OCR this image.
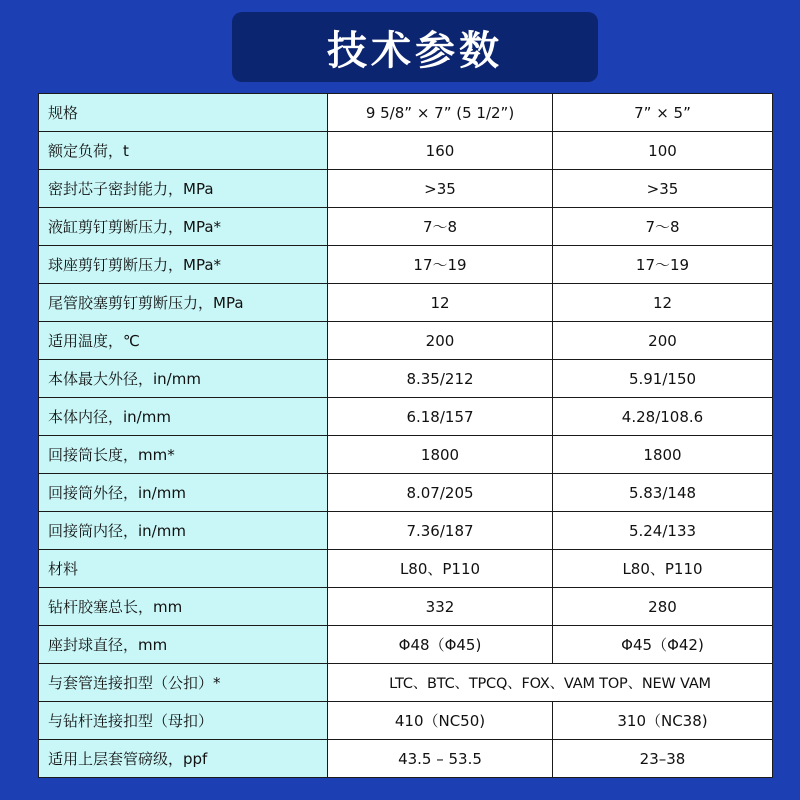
技术参数
规格	9 5/8” × 7” (5 1/2”)	7” × 5”
额定负荷，t	160	100
密封芯子密封能力，MPa	>35	>35
液缸剪钉剪断压力，MPa*	7～8	7～8
球座剪钉剪断压力，MPa*	17～19	17～19
尾管胶塞剪钉剪断压力，MPa	12	12
适用温度，℃	200	200
本体最大外径，in/mm	8.35/212	5.91/150
本体内径，in/mm	6.18/157	4.28/108.6
回接筒长度，mm*	1800	1800
回接筒外径，in/mm	8.07/205	5.83/148
回接筒内径，in/mm	7.36/187	5.24/133
材料	L80、P110	L80、P110
钻杆胶塞总长，mm	332	280
座封球直径，mm	Φ48（Φ45)	Φ45（Φ42)
与套管连接扣型（公扣）*	LTC、BTC、TPCQ、FOX、VAM TOP、NEW VAM	
与钻杆连接扣型（母扣）	410（NC50)	310（NC38)
适用上层套管磅级，ppf	43.5 – 53.5	23–38
